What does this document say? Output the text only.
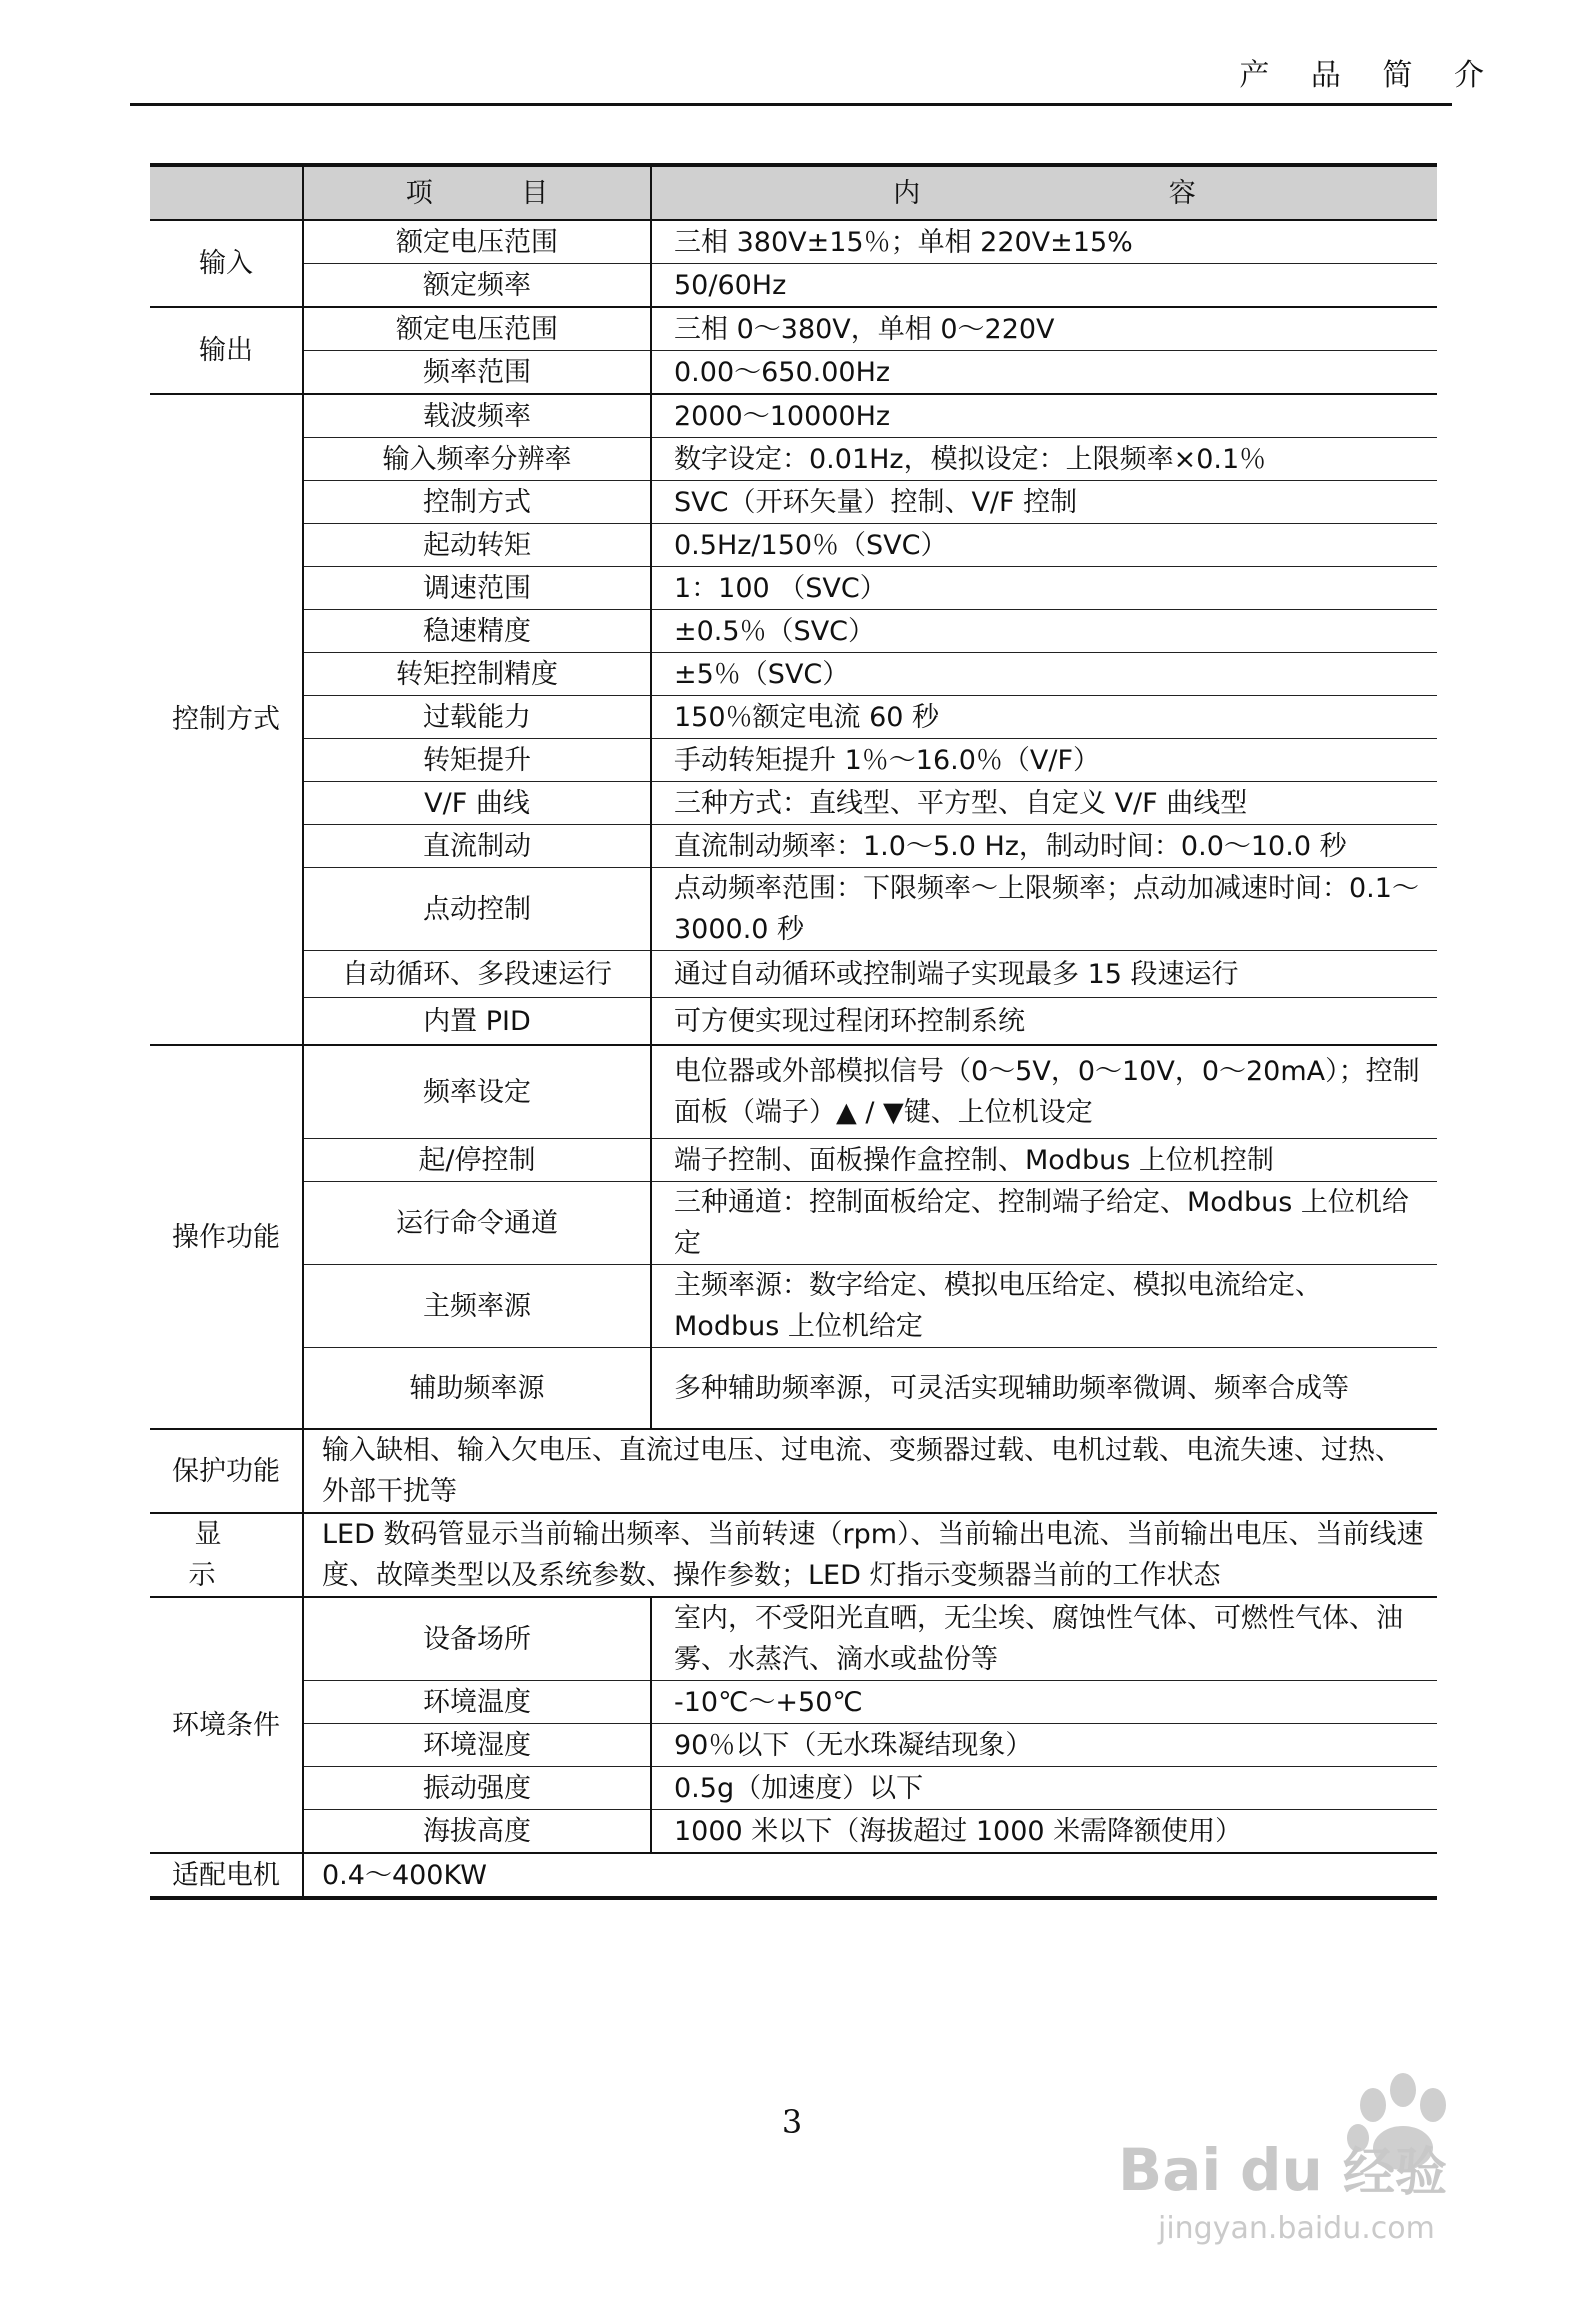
产 品 简 介
	项 目	内 容
输入	额定电压范围	三相 380V±15％；单相 220V±15%
	额定频率	50/60Hz
输出	额定电压范围	三相 0～380V，单相 0～220V
	频率范围	0.00～650.00Hz
控制方式	载波频率	2000～10000Hz
	输入频率分辨率	数字设定：0.01Hz，模拟设定：上限频率×0.1％
	控制方式	SVC（开环矢量）控制、V/F 控制
	起动转矩	0.5Hz/150％（SVC）
	调速范围	1：100 （SVC）
	稳速精度	±0.5％（SVC）
	转矩控制精度	±5％（SVC）
	过载能力	150％额定电流 60 秒
	转矩提升	手动转矩提升 1％～16.0％（V/F）
	V/F 曲线	三种方式：直线型、平方型、自定义 V/F 曲线型
	直流制动	直流制动频率：1.0～5.0 Hz，制动时间：0.0～10.0 秒
	点动控制	点动频率范围：下限频率～上限频率；点动加减速时间：0.1～3000.0 秒
	自动循环、多段速运行	通过自动循环或控制端子实现最多 15 段速运行
	内置 PID	可方便实现过程闭环控制系统
操作功能	频率设定	电位器或外部模拟信号（0～5V，0～10V，0～20mA）；控制面板（端子）▲ / ▼键、上位机设定
	起/停控制	端子控制、面板操作盒控制、Modbus 上位机控制
	运行命令通道	三种通道：控制面板给定、控制端子给定、Modbus 上位机给定
	主频率源	主频率源：数字给定、模拟电压给定、模拟电流给定、Modbus 上位机给定
	辅助频率源	多种辅助频率源，可灵活实现辅助频率微调、频率合成等
保护功能	输入缺相、输入欠电压、直流过电压、过电流、变频器过载、电机过载、电流失速、过热、外部干扰等	
显 示	LED 数码管显示当前输出频率、当前转速（rpm）、当前输出电流、当前输出电压、当前线速度、故障类型以及系统参数、操作参数；LED 灯指示变频器当前的工作状态	
环境条件	设备场所	室内，不受阳光直晒，无尘埃、腐蚀性气体、可燃性气体、油雾、水蒸汽、滴水或盐份等
	环境温度	-10℃～+50℃
	环境湿度	90％以下（无水珠凝结现象）
	振动强度	0.5g（加速度）以下
	海拔高度	1000 米以下（海拔超过 1000 米需降额使用）
适配电机	0.4～400KW	
3
Bai du 经验
jingyan.baidu.com
